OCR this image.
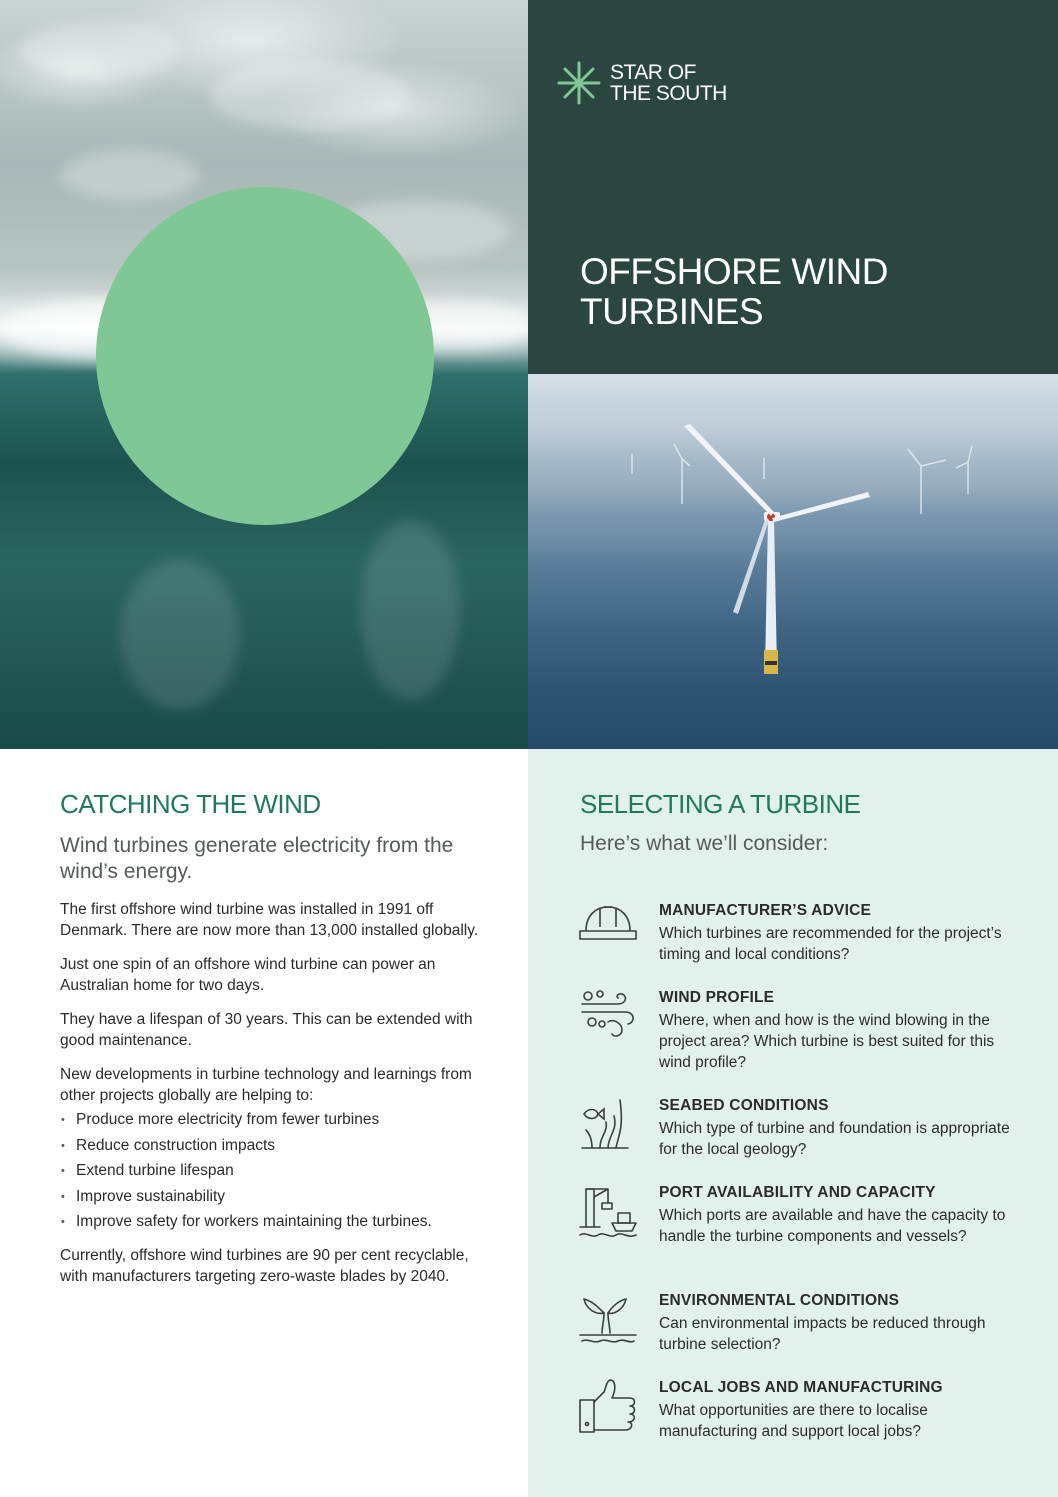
STAR OF
THE SOUTH
OFFSHORE WIND TURBINES
CATCHING THE WIND

Wind turbines generate electricity from the wind’s energy.

The first offshore wind turbine was installed in 1991 off Denmark. There are now more than 13,000 installed globally.

Just one spin of an offshore wind turbine can power an Australian home for two days.

They have a lifespan of 30 years. This can be extended with good maintenance.

New developments in turbine technology and learnings from other projects globally are helping to:

• Produce more electricity from fewer turbines
• Reduce construction impacts
• Extend turbine lifespan
• Improve sustainability
• Improve safety for workers maintaining the turbines.

Currently, offshore wind turbines are 90 per cent recyclable, with manufacturers targeting zero-waste blades by 2040.

SELECTING A TURBINE

Here’s what we’ll consider:

MANUFACTURER’S ADVICE

Which turbines are recommended for the project’s timing and local conditions?

WIND PROFILE

Where, when and how is the wind blowing in the project area? Which turbine is best suited for this wind profile?

SEABED CONDITIONS

Which type of turbine and foundation is appropriate for the local geology?

PORT AVAILABILITY AND CAPACITY

Which ports are available and have the capacity to handle the turbine components and vessels?

ENVIRONMENTAL CONDITIONS

Can environmental impacts be reduced through turbine selection?

LOCAL JOBS AND MANUFACTURING

What opportunities are there to localise manufacturing and support local jobs?
